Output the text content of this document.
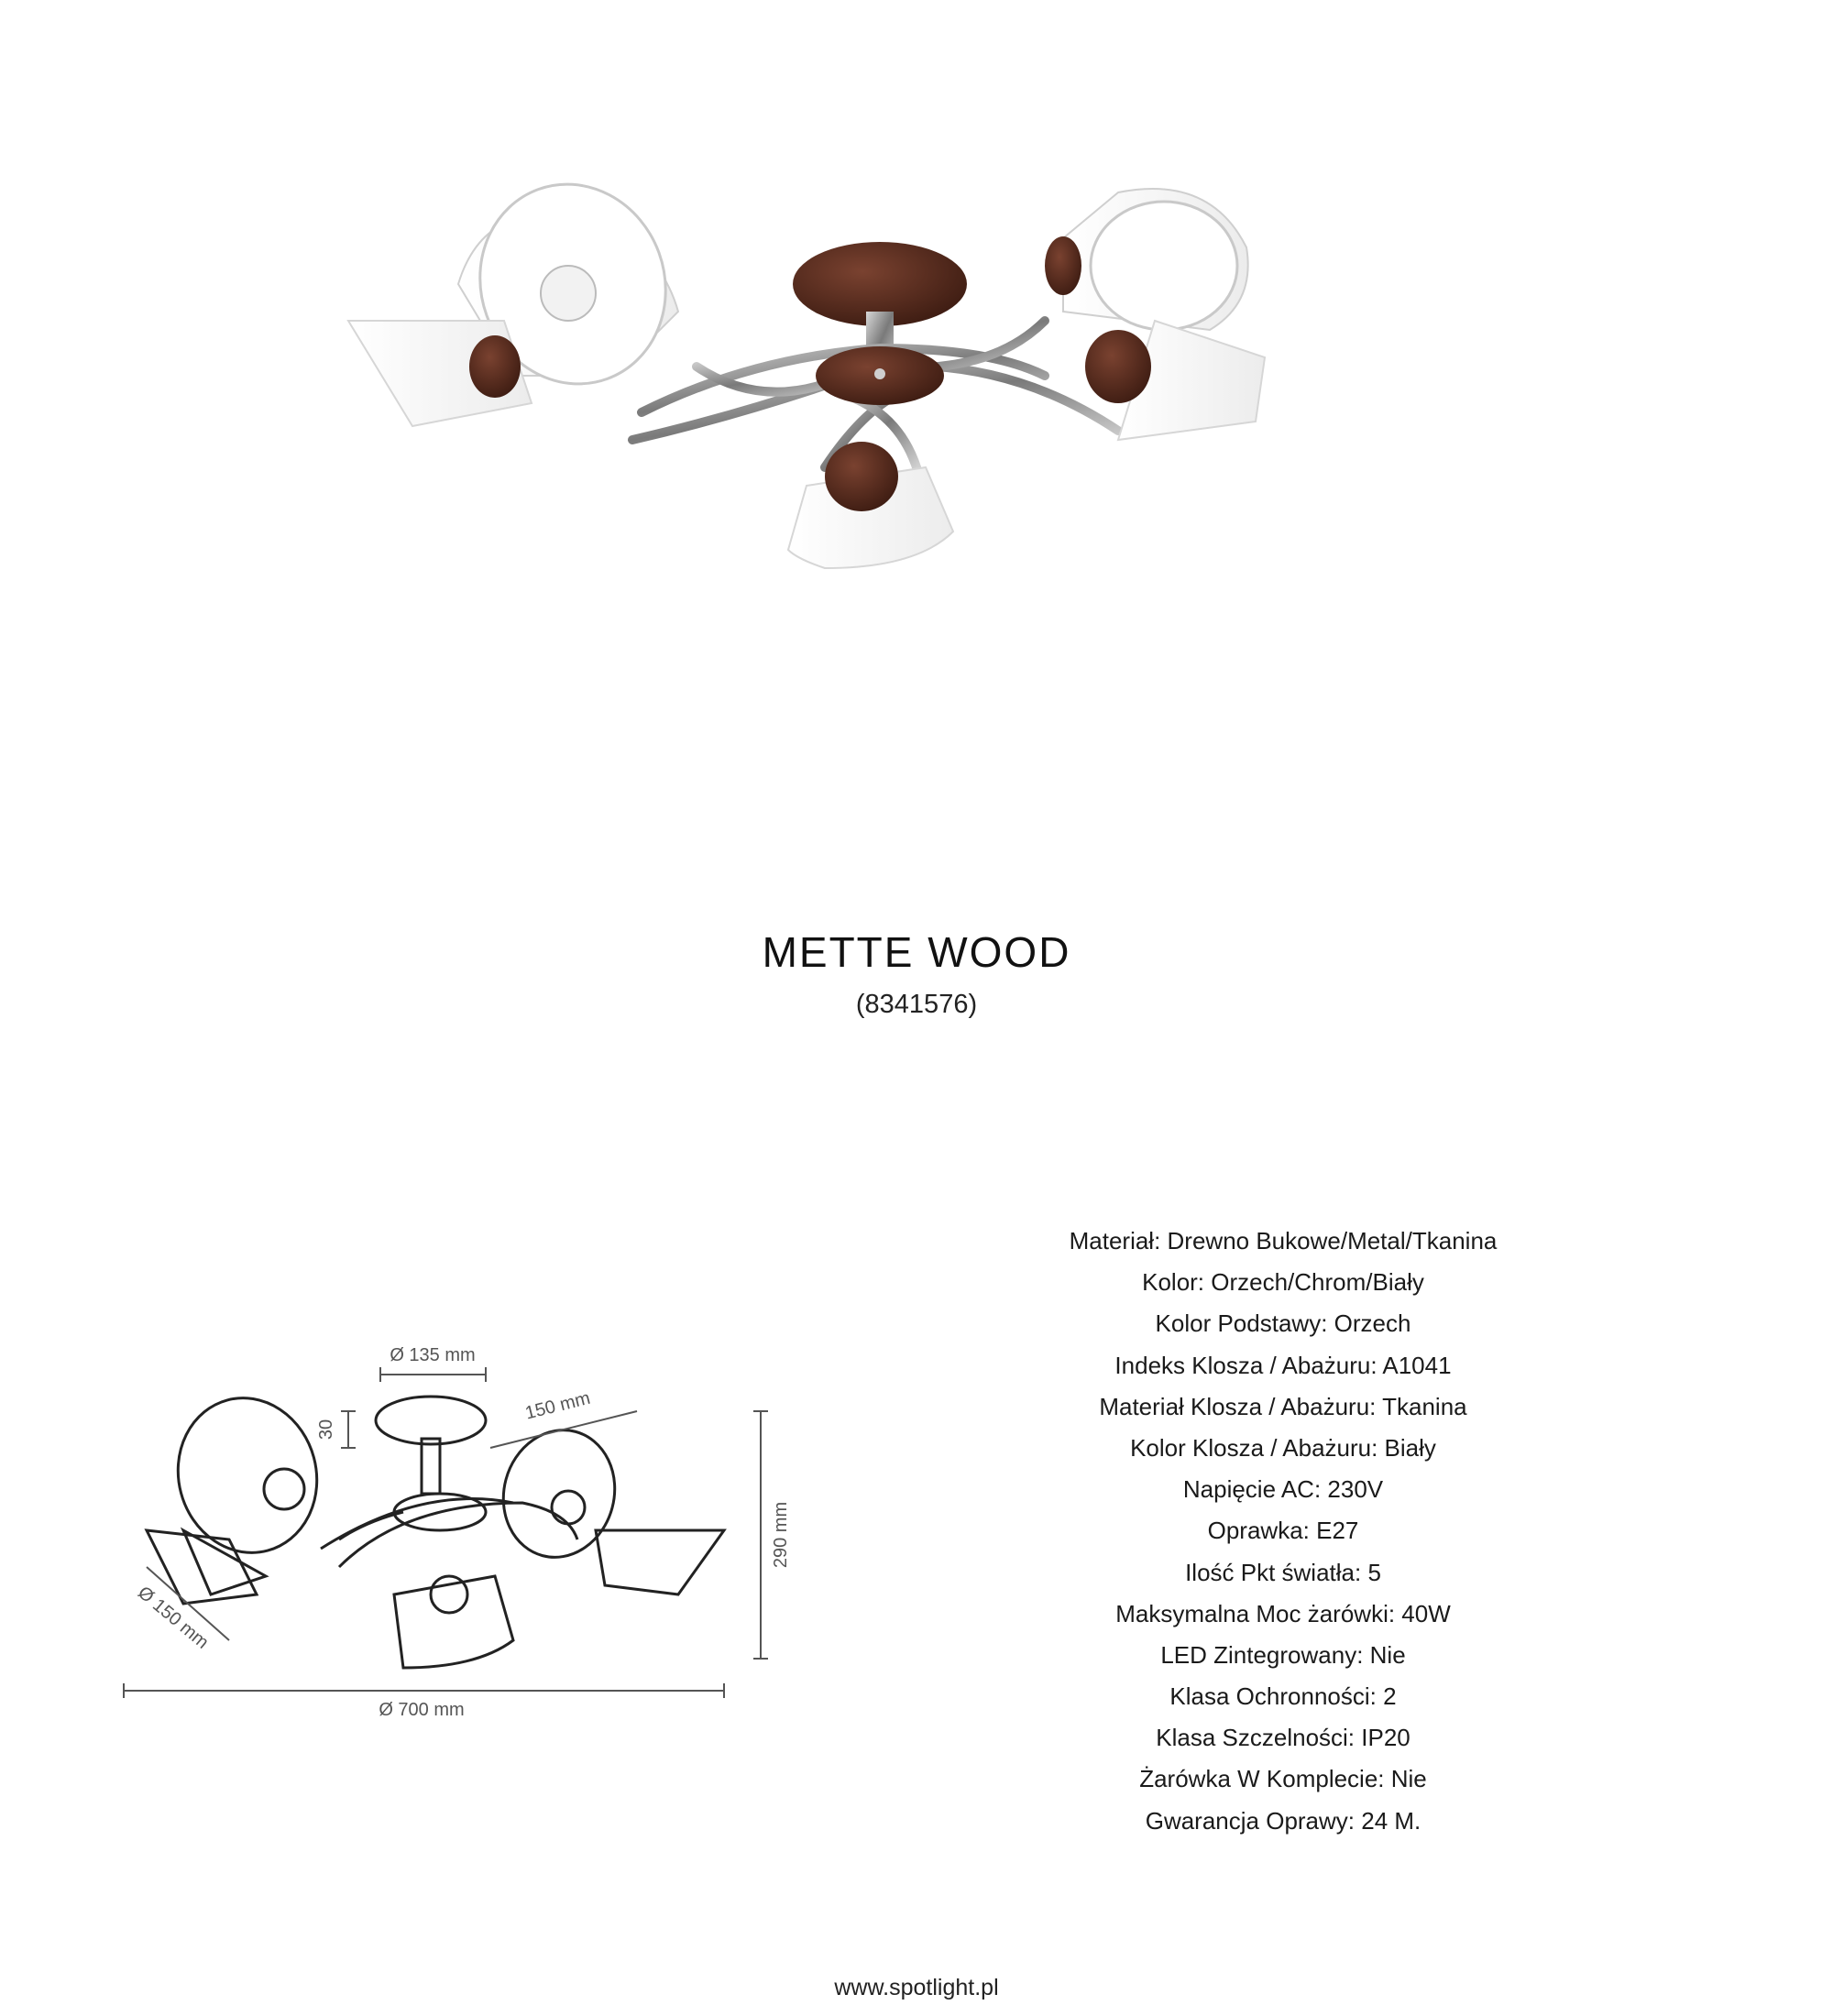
METTE WOOD
(8341576)
Ø 135 mm
150 mm
30
290 mm
Ø 150 mm
Ø 700 mm
Materiał: Drewno Bukowe/Metal/Tkanina
Kolor: Orzech/Chrom/Biały
Kolor Podstawy: Orzech
Indeks Klosza / Abażuru: A1041
Materiał Klosza / Abażuru: Tkanina
Kolor Klosza / Abażuru: Biały
Napięcie AC: 230V
Oprawka: E27
Ilość Pkt światła: 5
Maksymalna Moc żarówki: 40W
LED Zintegrowany: Nie
Klasa Ochronności: 2
Klasa Szczelności: IP20
Żarówka W Komplecie: Nie
Gwarancja Oprawy: 24 M.
www.spotlight.pl
